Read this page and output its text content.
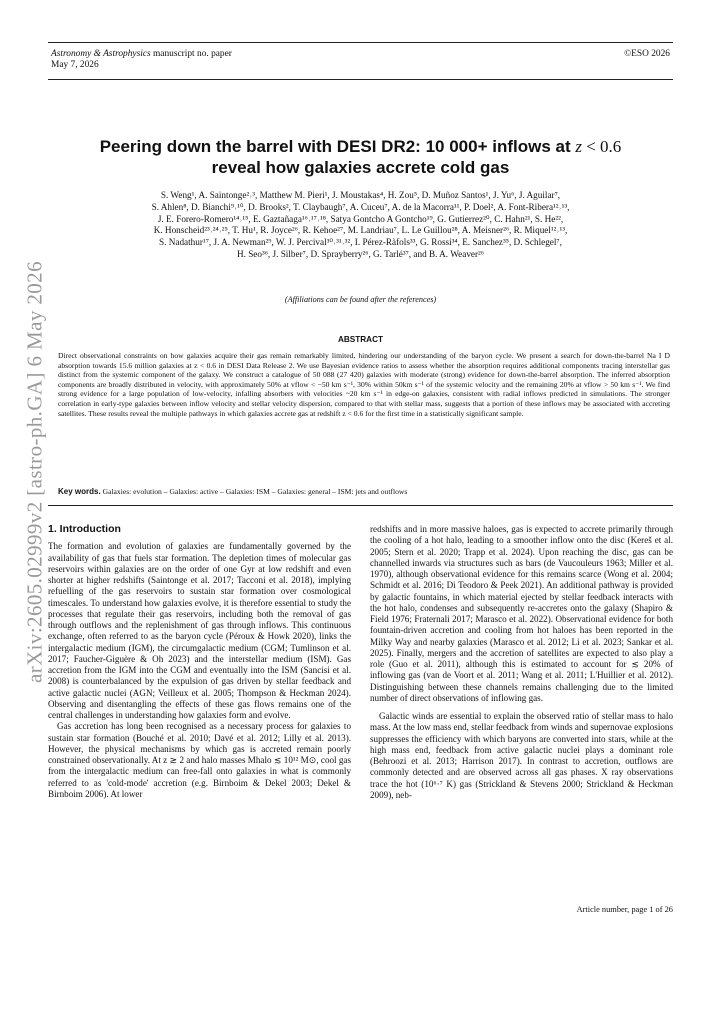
Astronomy & Astrophysics manuscript no. paper
May 7, 2026
©ESO 2026
arXiv:2605.02999v2 [astro-ph.GA] 6 May 2026
Peering down the barrel with DESI DR2: 10 000+ inflows at z < 0.6
reveal how galaxies accrete cold gas
S. Weng¹, A. Saintonge²˒³, Matthew M. Pieri¹, J. Moustakas⁴, H. Zou⁵, D. Muñoz Santos¹, J. Yu⁶, J. Aguilar⁷,
S. Ahlen⁸, D. Bianchi⁹˒¹⁰, D. Brooks², T. Claybaugh⁷, A. Cuceu⁷, A. de la Macorra¹¹, P. Doel², A. Font-Ribera¹²˒¹³,
J. E. Forero-Romero¹⁴˒¹⁵, E. Gaztañaga¹⁶˒¹⁷˒¹⁸, Satya Gontcho A Gontcho¹⁹, G. Gutierrez²⁰, C. Hahn²¹, S. He²²,
K. Honscheid²³˒²⁴˒²⁵, T. Hu¹, R. Joyce²⁶, R. Kehoe²⁷, M. Landriau⁷, L. Le Guillou²⁸, A. Meisner²⁶, R. Miquel¹²˒¹³,
S. Nadathur¹⁷, J. A. Newman²⁹, W. J. Percival³⁰˒³¹˒³², I. Pérez-Ràfols³³, G. Rossi³⁴, E. Sanchez³⁵, D. Schlegel⁷,
H. Seo³⁶, J. Silber⁷, D. Sprayberry²⁶, G. Tarlé³⁷, and B. A. Weaver²⁶
(Affiliations can be found after the references)
ABSTRACT
Direct observational constraints on how galaxies acquire their gas remain remarkably limited, hindering our understanding of the baryon cycle. We present a search for down-the-barrel Na I D absorption towards 15.6 million galaxies at z < 0.6 in DESI Data Release 2. We use Bayesian evidence ratios to assess whether the absorption requires additional components tracing interstellar gas distinct from the systemic component of the galaxy. We construct a catalogue of 50 088 (27 420) galaxies with moderate (strong) evidence for down-the-barrel absorption. The inferred absorption components are broadly distributed in velocity, with approximately 50% at vflow < −50 km s⁻¹, 30% within 50km s⁻¹ of the systemic velocity and the remaining 20% at vflow > 50 km s⁻¹. We find strong evidence for a large population of low-velocity, infalling absorbers with velocities ~20 km s⁻¹ in edge-on galaxies, consistent with radial inflows predicted in simulations. The stronger correlation in early-type galaxies between inflow velocity and stellar velocity dispersion, compared to that with stellar mass, suggests that a portion of these inflows may be associated with accreting satellites. These results reveal the multiple pathways in which galaxies accrete gas at redshift z < 0.6 for the first time in a statistically significant sample.
Key words. Galaxies: evolution – Galaxies: active – Galaxies: ISM – Galaxies: general – ISM: jets and outflows
1. Introduction

The formation and evolution of galaxies are fundamentally governed by the availability of gas that fuels star formation. The depletion times of molecular gas reservoirs within galaxies are on the order of one Gyr at low redshift and even shorter at higher redshifts (Saintonge et al. 2017; Tacconi et al. 2018), implying refuelling of the gas reservoirs to sustain star formation over cosmological timescales. To understand how galaxies evolve, it is therefore essential to study the processes that regulate their gas reservoirs, including both the removal of gas through outflows and the replenishment of gas through inflows. This continuous exchange, often referred to as the baryon cycle (Péroux & Howk 2020), links the intergalactic medium (IGM), the circumgalactic medium (CGM; Tumlinson et al. 2017; Faucher-Giguère & Oh 2023) and the interstellar medium (ISM). Gas accretion from the IGM into the CGM and eventually into the ISM (Sancisi et al. 2008) is counterbalanced by the expulsion of gas driven by stellar feedback and active galactic nuclei (AGN; Veilleux et al. 2005; Thompson & Heckman 2024). Observing and disentangling the effects of these gas flows remains one of the central challenges in understanding how galaxies form and evolve.

Gas accretion has long been recognised as a necessary process for galaxies to sustain star formation (Bouché et al. 2010; Davé et al. 2012; Lilly et al. 2013). However, the physical mechanisms by which gas is accreted remain poorly constrained observationally. At z ≳ 2 and halo masses Mhalo ≲ 10¹² M⊙, cool gas from the intergalactic medium can free-fall onto galaxies in what is commonly referred to as 'cold-mode' accretion (e.g. Birnboim & Dekel 2003; Dekel & Birnboim 2006). At lower

redshifts and in more massive haloes, gas is expected to accrete primarily through the cooling of a hot halo, leading to a smoother inflow onto the disc (Kereš et al. 2005; Stern et al. 2020; Trapp et al. 2024). Upon reaching the disc, gas can be channelled inwards via structures such as bars (de Vaucouleurs 1963; Miller et al. 1970), although observational evidence for this remains scarce (Wong et al. 2004; Schmidt et al. 2016; Di Teodoro & Peek 2021). An additional pathway is provided by galactic fountains, in which material ejected by stellar feedback interacts with the hot halo, condenses and subsequently re-accretes onto the galaxy (Shapiro & Field 1976; Fraternali 2017; Marasco et al. 2022). Observational evidence for both fountain-driven accretion and cooling from hot haloes has been reported in the Milky Way and nearby galaxies (Marasco et al. 2012; Li et al. 2023; Sankar et al. 2025). Finally, mergers and the accretion of satellites are expected to also play a role (Guo et al. 2011), although this is estimated to account for ≲ 20% of inflowing gas (van de Voort et al. 2011; Wang et al. 2011; L'Huillier et al. 2012). Distinguishing between these channels remains challenging due to the limited number of direct observations of inflowing gas.

Galactic winds are essential to explain the observed ratio of stellar mass to halo mass. At the low mass end, stellar feedback from winds and supernovae explosions suppresses the efficiency with which baryons are converted into stars, while at the high mass end, feedback from active galactic nuclei plays a dominant role (Behroozi et al. 2013; Harrison 2017). In contrast to accretion, outflows are commonly detected and are observed across all gas phases. X ray observations trace the hot (10⁶·⁷ K) gas (Strickland & Stevens 2000; Strickland & Heckman 2009), neb-

Article number, page 1 of 26
